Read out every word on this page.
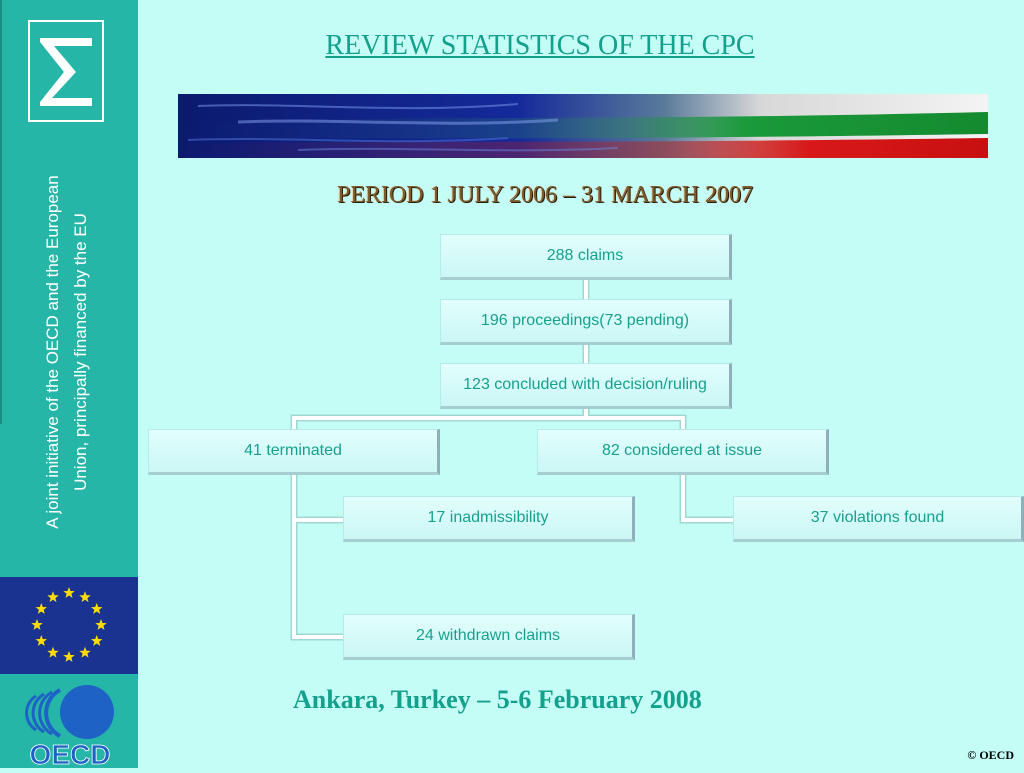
A joint initiative of the OECD and the European Union, principally financed by the EU
OECD
REVIEW STATISTICS OF THE CPC
PERIOD 1 JULY 2006 – 31 MARCH 2007
288 claims
196 proceedings(73 pending)
123 concluded with decision/ruling
41 terminated	82 considered at issue
17 inadmissibility
24 withdrawn claims
37 violations found
Ankara, Turkey – 5-6 February 2008
© OECD
